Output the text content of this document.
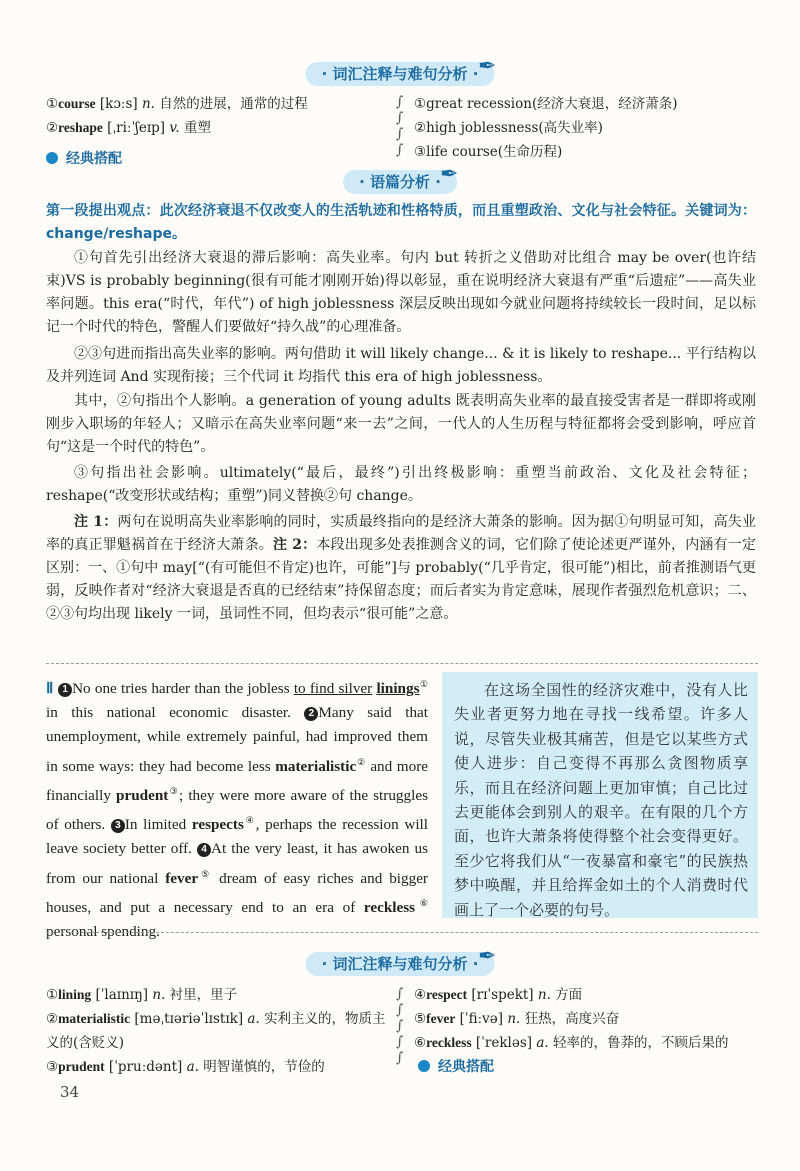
· 词汇注释与难句分析 · ✒
①course [kɔːs] n. 自然的进展，通常的过程
②reshape [ˌriːˈʃeɪp] v. 重塑
∫
∫
∫
∫
①great recession(经济大衰退，经济萧条)
②high joblessness(高失业率)
③life course(生命历程)
经典搭配
· 语篇分析 · ✒
第一段提出观点：此次经济衰退不仅改变人的生活轨迹和性格特质，而且重塑政治、文化与社会特征。关键词为：change/reshape。
①句首先引出经济大衰退的滞后影响：高失业率。句内 but 转折之义借助对比组合 may be over(也许结束)VS is probably beginning(很有可能才刚刚开始)得以彰显，重在说明经济大衰退有严重“后遗症”——高失业率问题。this era(“时代，年代”) of high joblessness 深层反映出现如今就业问题将持续较长一段时间，足以标记一个时代的特色，警醒人们要做好“持久战”的心理准备。
②③句进而指出高失业率的影响。两句借助 it will likely change... & it is likely to reshape... 平行结构以及并列连词 And 实现衔接；三个代词 it 均指代 this era of high joblessness。
其中，②句指出个人影响。a generation of young adults 既表明高失业率的最直接受害者是一群即将或刚刚步入职场的年轻人；又暗示在高失业率问题“来一去”之间，一代人的人生历程与特征都将会受到影响，呼应首句“这是一个时代的特色”。
③句指出社会影响。ultimately(“最后，最终”)引出终极影响：重塑当前政治、文化及社会特征；reshape(“改变形状或结构；重塑”)同义替换②句 change。
注 1：两句在说明高失业率影响的同时，实质最终指向的是经济大萧条的影响。因为据①句明显可知，高失业率的真正罪魁祸首在于经济大萧条。注 2：本段出现多处表推测含义的词，它们除了使论述更严谨外，内涵有一定区别：一、①句中 may[“(有可能但不肯定)也许，可能”]与 probably(“几乎肯定，很可能”)相比，前者推测语气更弱，反映作者对“经济大衰退是否真的已经结束”持保留态度；而后者实为肯定意味，展现作者强烈危机意识；二、②③句均出现 likely 一词，虽词性不同，但均表示“很可能”之意。
Ⅱ 1 No one tries harder than the jobless to find silver linings① in this national economic disaster. 2 Many said that unemployment, while extremely painful, had improved them in some ways: they had become less materialistic② and more financially prudent③; they were more aware of the struggles of others. 3 In limited respects④, perhaps the recession will leave society better off. 4 At the very least, it has awoken us from our national fever⑤ dream of easy riches and bigger houses, and put a necessary end to an era of reckless⑥ personal spending.
在这场全国性的经济灾难中，没有人比失业者更努力地在寻找一线希望。许多人说，尽管失业极其痛苦，但是它以某些方式使人进步：自己变得不再那么贪图物质享乐，而且在经济问题上更加审慎；自己比过去更能体会到别人的艰辛。在有限的几个方面，也许大萧条将使得整个社会变得更好。至少它将我们从“一夜暴富和豪宅”的民族热梦中唤醒，并且给挥金如土的个人消费时代画上了一个必要的句号。
· 词汇注释与难句分析 · ✒
①lining [ˈlaɪnɪŋ] n. 衬里，里子
②materialistic [məˌtɪəriəˈlɪstɪk] a. 实利主义的，物质主义的(含贬义)
③prudent [ˈpruːdənt] a. 明智谨慎的，节俭的
∫
∫
∫
∫
∫
④respect [rɪˈspekt] n. 方面
⑤fever [ˈfiːvə] n. 狂热，高度兴奋
⑥reckless [ˈrekləs] a. 轻率的，鲁莽的，不顾后果的
经典搭配
34
